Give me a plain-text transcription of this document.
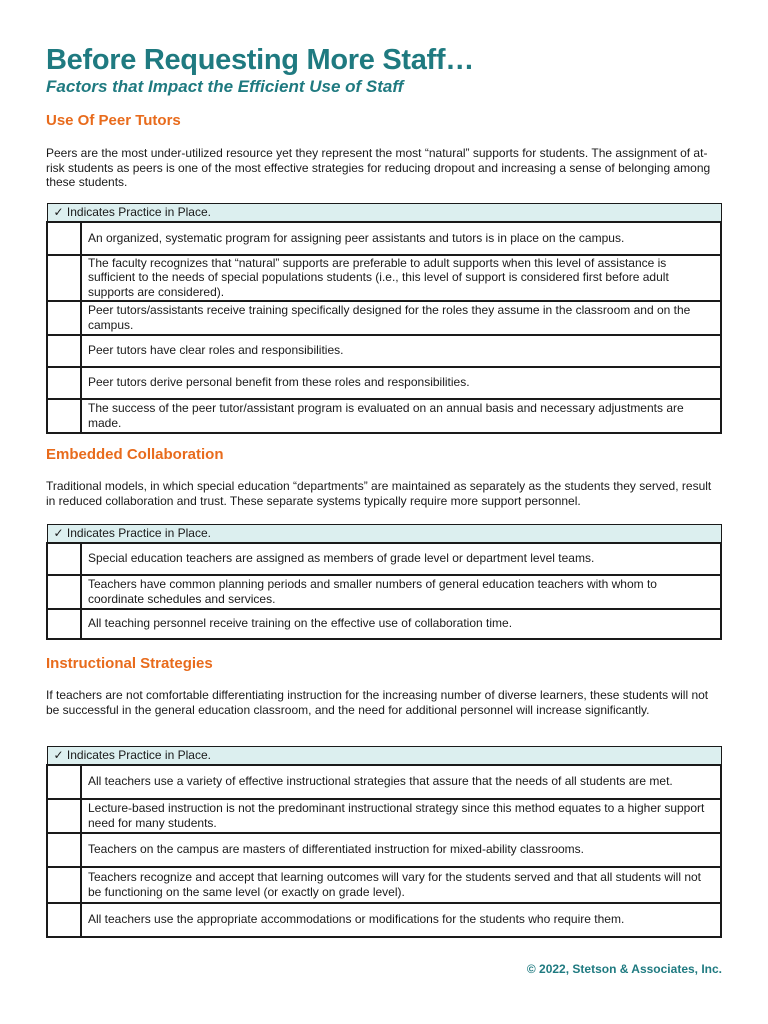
Before Requesting More Staff…
Factors that Impact the Efficient Use of Staff
Use Of Peer Tutors
Peers are the most under-utilized resource yet they represent the most “natural” supports for students. The assignment of at-risk students as peers is one of the most effective strategies for reducing dropout and increasing a sense of belonging among these students.
✓ Indicates Practice in Place.	
	An organized, systematic program for assigning peer assistants and tutors is in place on the campus.
	The faculty recognizes that “natural” supports are preferable to adult supports when this level of assistance is sufficient to the needs of special populations students (i.e., this level of support is considered first before adult supports are considered).
	Peer tutors/assistants receive training specifically designed for the roles they assume in the classroom and on the campus.
	Peer tutors have clear roles and responsibilities.
	Peer tutors derive personal benefit from these roles and responsibilities.
	The success of the peer tutor/assistant program is evaluated on an annual basis and necessary adjustments are made.
Embedded Collaboration
Traditional models, in which special education “departments” are maintained as separately as the students they served, result in reduced collaboration and trust. These separate systems typically require more support personnel.
✓ Indicates Practice in Place.	
	Special education teachers are assigned as members of grade level or department level teams.
	Teachers have common planning periods and smaller numbers of general education teachers with whom to coordinate schedules and services.
	All teaching personnel receive training on the effective use of collaboration time.
Instructional Strategies
If teachers are not comfortable differentiating instruction for the increasing number of diverse learners, these students will not be successful in the general education classroom, and the need for additional personnel will increase significantly.
✓ Indicates Practice in Place.	
	All teachers use a variety of effective instructional strategies that assure that the needs of all students are met.
	Lecture-based instruction is not the predominant instructional strategy since this method equates to a higher support need for many students.
	Teachers on the campus are masters of differentiated instruction for mixed-ability classrooms.
	Teachers recognize and accept that learning outcomes will vary for the students served and that all students will not be functioning on the same level (or exactly on grade level).
	All teachers use the appropriate accommodations or modifications for the students who require them.
© 2022, Stetson & Associates, Inc.
